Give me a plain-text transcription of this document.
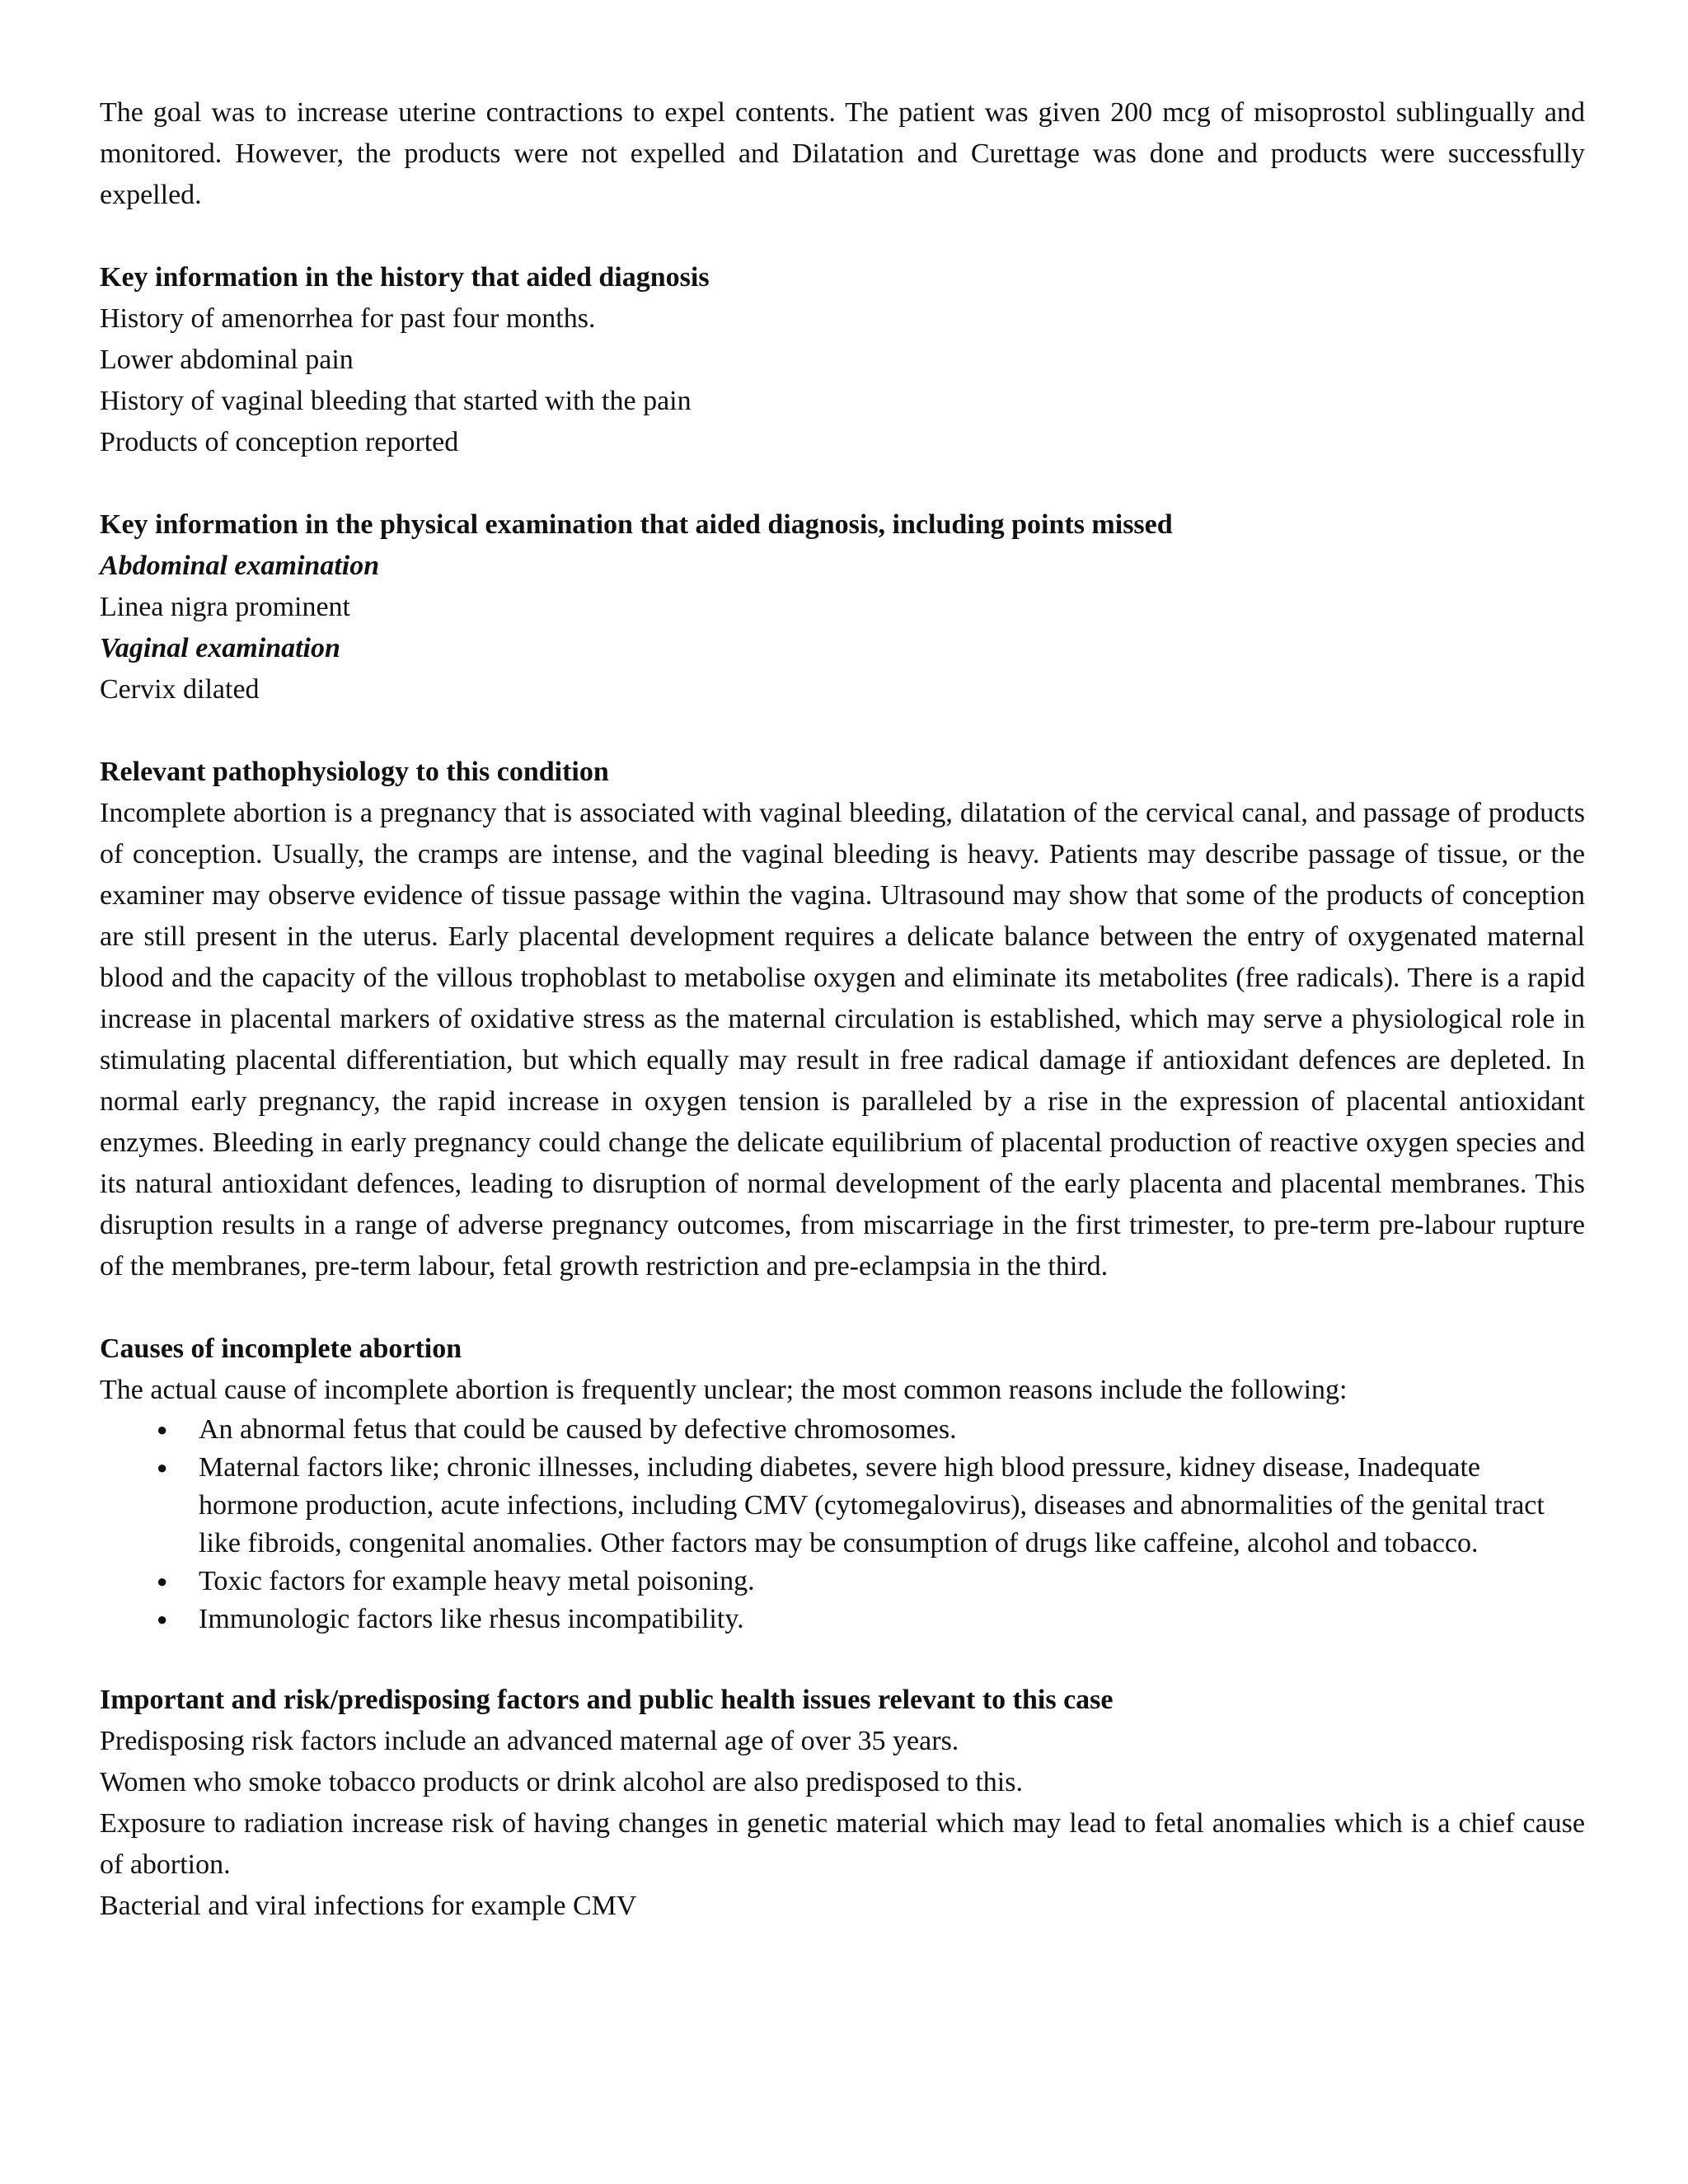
The goal was to increase uterine contractions to expel contents. The patient was given 200 mcg of misoprostol sublingually and monitored. However, the products were not expelled and Dilatation and Curettage was done and products were successfully expelled.

Key information in the history that aided diagnosis

History of amenorrhea for past four months.

Lower abdominal pain

History of vaginal bleeding that started with the pain

Products of conception reported

Key information in the physical examination that aided diagnosis, including points missed

Abdominal examination

Linea nigra prominent

Vaginal examination

Cervix dilated

Relevant pathophysiology to this condition

Incomplete abortion is a pregnancy that is associated with vaginal bleeding, dilatation of the cervical canal, and passage of products of conception. Usually, the cramps are intense, and the vaginal bleeding is heavy. Patients may describe passage of tissue, or the examiner may observe evidence of tissue passage within the vagina. Ultrasound may show that some of the products of conception are still present in the uterus. Early placental development requires a delicate balance between the entry of oxygenated maternal blood and the capacity of the villous trophoblast to metabolise oxygen and eliminate its metabolites (free radicals). There is a rapid increase in placental markers of oxidative stress as the maternal circulation is established, which may serve a physiological role in stimulating placental differentiation, but which equally may result in free radical damage if antioxidant defences are depleted. In normal early pregnancy, the rapid increase in oxygen tension is paralleled by a rise in the expression of placental antioxidant enzymes. Bleeding in early pregnancy could change the delicate equilibrium of placental production of reactive oxygen species and its natural antioxidant defences, leading to disruption of normal development of the early placenta and placental membranes. This disruption results in a range of adverse pregnancy outcomes, from miscarriage in the first trimester, to pre-term pre-labour rupture of the membranes, pre-term labour, fetal growth restriction and pre-eclampsia in the third.

Causes of incomplete abortion

The actual cause of incomplete abortion is frequently unclear; the most common reasons include the following:

● An abnormal fetus that could be caused by defective chromosomes.
● Maternal factors like; chronic illnesses, including diabetes, severe high blood pressure, kidney disease, Inadequate hormone production, acute infections, including CMV (cytomegalovirus), diseases and abnormalities of the genital tract like fibroids, congenital anomalies. Other factors may be consumption of drugs like caffeine, alcohol and tobacco.
● Toxic factors for example heavy metal poisoning.
● Immunologic factors like rhesus incompatibility.

Important and risk/predisposing factors and public health issues relevant to this case

Predisposing risk factors include an advanced maternal age of over 35 years.

Women who smoke tobacco products or drink alcohol are also predisposed to this.

Exposure to radiation increase risk of having changes in genetic material which may lead to fetal anomalies which is a chief cause of abortion.

Bacterial and viral infections for example CMV
